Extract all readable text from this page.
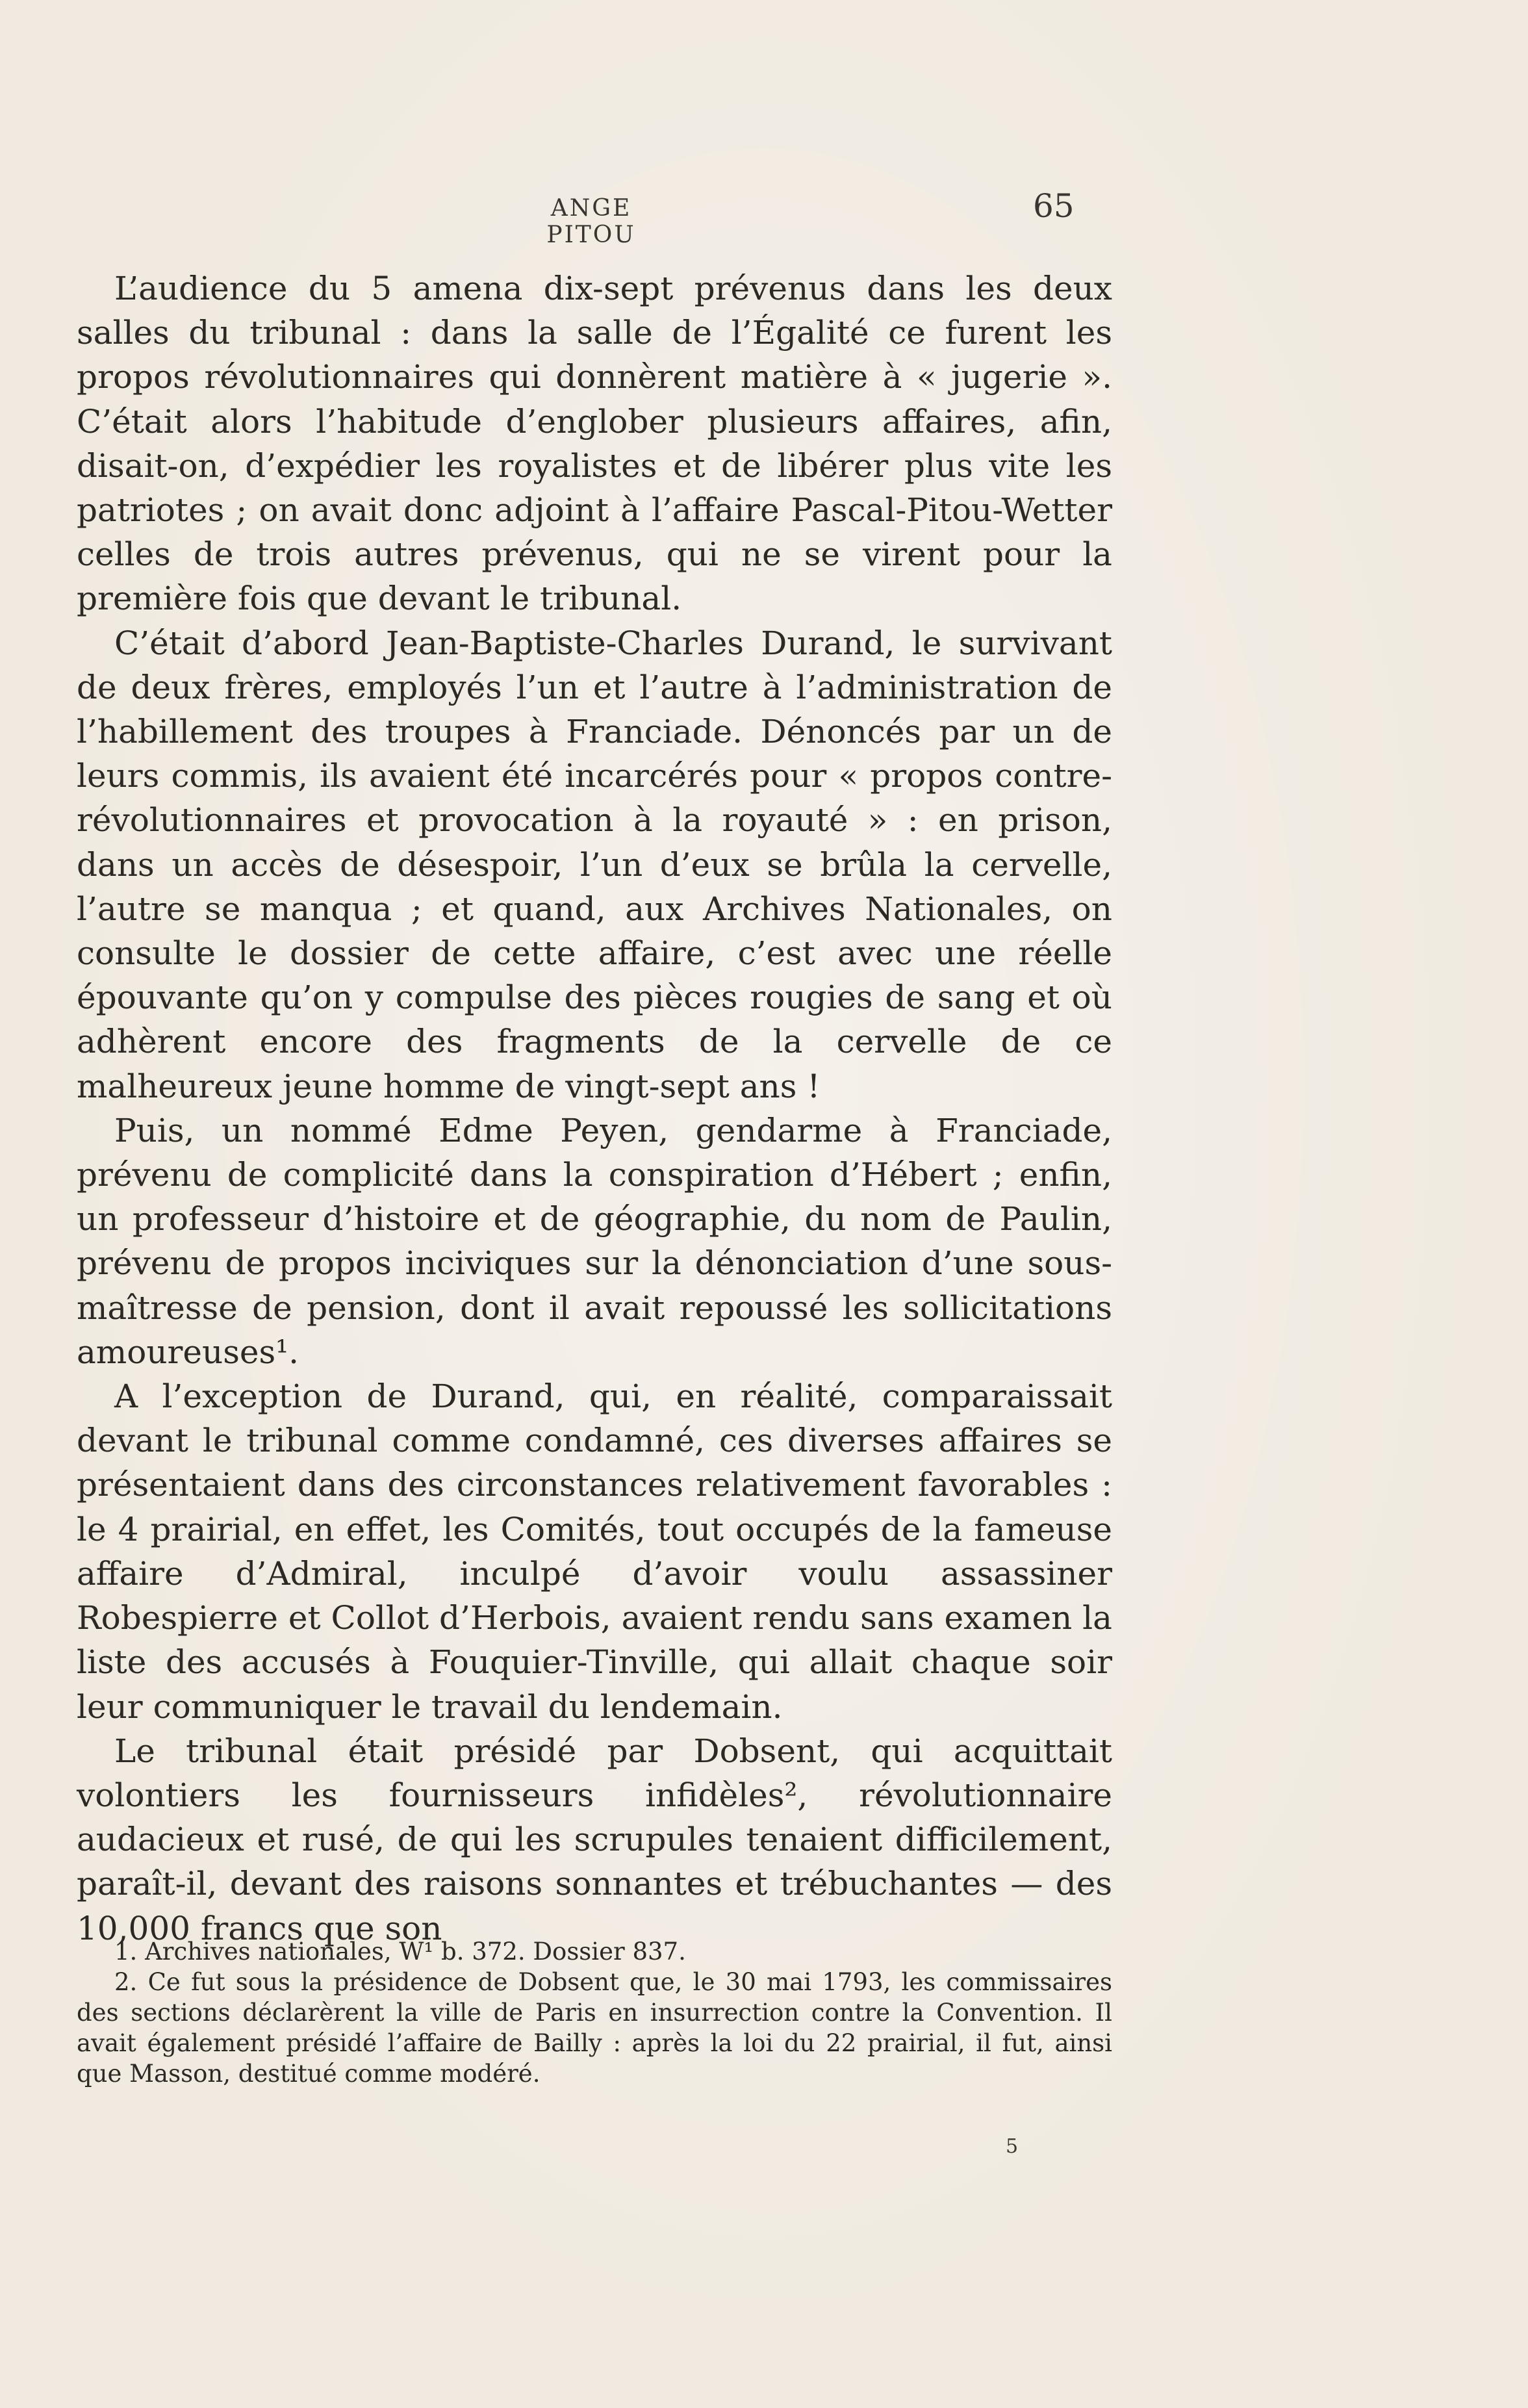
ANGE PITOU
65

L’audience du 5 amena dix-sept prévenus dans les deux salles du tribunal : dans la salle de l’Égalité ce furent les propos révolutionnaires qui donnèrent matière à « jugerie ». C’était alors l’habitude d’englober plusieurs affaires, afin, disait-on, d’expédier les royalistes et de libérer plus vite les patriotes ; on avait donc adjoint à l’affaire Pascal-Pitou-Wetter celles de trois autres prévenus, qui ne se virent pour la première fois que devant le tribunal.

C’était d’abord Jean-Baptiste-Charles Durand, le survivant de deux frères, employés l’un et l’autre à l’administration de l’habillement des troupes à Franciade. Dénoncés par un de leurs commis, ils avaient été incarcérés pour « propos contre-révolutionnaires et provocation à la royauté » : en prison, dans un accès de désespoir, l’un d’eux se brûla la cervelle, l’autre se manqua ; et quand, aux Archives Nationales, on consulte le dossier de cette affaire, c’est avec une réelle épouvante qu’on y compulse des pièces rougies de sang et où adhèrent encore des fragments de la cervelle de ce malheureux jeune homme de vingt-sept ans !

Puis, un nommé Edme Peyen, gendarme à Franciade, prévenu de complicité dans la conspiration d’Hébert ; enfin, un professeur d’histoire et de géographie, du nom de Paulin, prévenu de propos inciviques sur la dénonciation d’une sous-maîtresse de pension, dont il avait repoussé les sollicitations amoureuses¹.

A l’exception de Durand, qui, en réalité, comparaissait devant le tribunal comme condamné, ces diverses affaires se présentaient dans des circonstances relativement favorables : le 4 prairial, en effet, les Comités, tout occupés de la fameuse affaire d’Admiral, inculpé d’avoir voulu assassiner Robespierre et Collot d’Herbois, avaient rendu sans examen la liste des accusés à Fouquier-Tinville, qui allait chaque soir leur communiquer le travail du lendemain.

Le tribunal était présidé par Dobsent, qui acquittait volontiers les fournisseurs infidèles², révolutionnaire audacieux et rusé, de qui les scrupules tenaient difficilement, paraît-il, devant des raisons sonnantes et trébuchantes — des 10,000 francs que son

1. Archives nationales, W¹ b. 372. Dossier 837.

2. Ce fut sous la présidence de Dobsent que, le 30 mai 1793, les commissaires des sections déclarèrent la ville de Paris en insurrection contre la Convention. Il avait également présidé l’affaire de Bailly : après la loi du 22 prairial, il fut, ainsi que Masson, destitué comme modéré.

5
